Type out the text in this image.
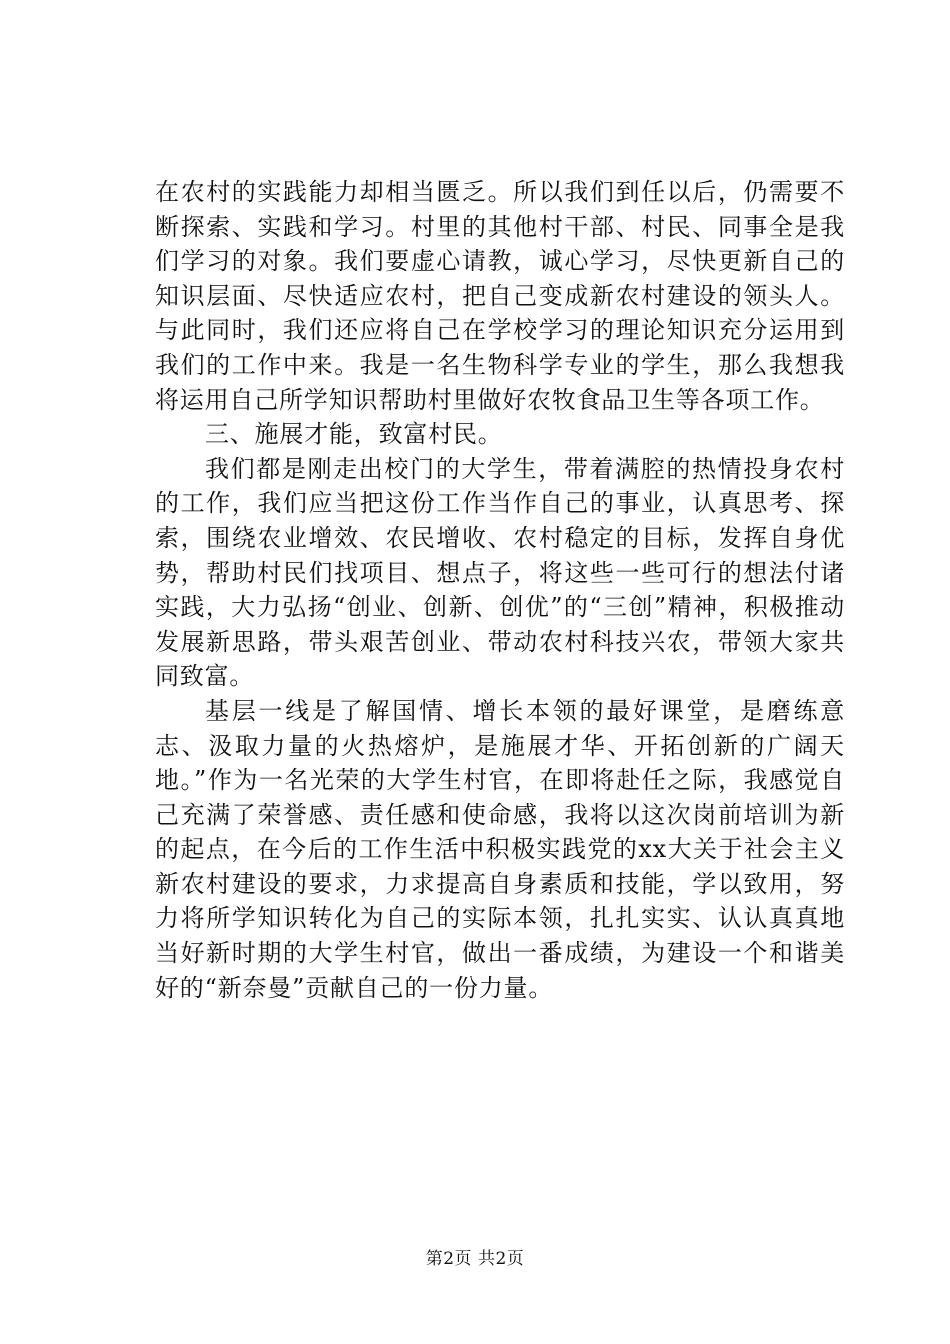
在农村的实践能力却相当匮乏。所以我们到任以后，仍需要不断探索、实践和学习。村里的其他村干部、村民、同事全是我们学习的对象。我们要虚心请教，诚心学习，尽快更新自己的知识层面、尽快适应农村，把自己变成新农村建设的领头人。与此同时，我们还应将自己在学校学习的理论知识充分运用到我们的工作中来。我是一名生物科学专业的学生，那么我想我将运用自己所学知识帮助村里做好农牧食品卫生等各项工作。

三、施展才能，致富村民。

我们都是刚走出校门的大学生，带着满腔的热情投身农村的工作，我们应当把这份工作当作自己的事业，认真思考、探索，围绕农业增效、农民增收、农村稳定的目标，发挥自身优势，帮助村民们找项目、想点子，将这些一些可行的想法付诸实践，大力弘扬“创业、创新、创优”的“三创”精神，积极推动发展新思路，带头艰苦创业、带动农村科技兴农，带领大家共同致富。

基层一线是了解国情、增长本领的最好课堂，是磨练意志、汲取力量的火热熔炉，是施展才华、开拓创新的广阔天地。”作为一名光荣的大学生村官，在即将赴任之际，我感觉自己充满了荣誉感、责任感和使命感，我将以这次岗前培训为新的起点，在今后的工作生活中积极实践党的xx大关于社会主义新农村建设的要求，力求提高自身素质和技能，学以致用，努力将所学知识转化为自己的实际本领，扎扎实实、认认真真地当好新时期的大学生村官，做出一番成绩，为建设一个和谐美好的“新奈曼”贡献自己的一份力量。

第2页 共2页
